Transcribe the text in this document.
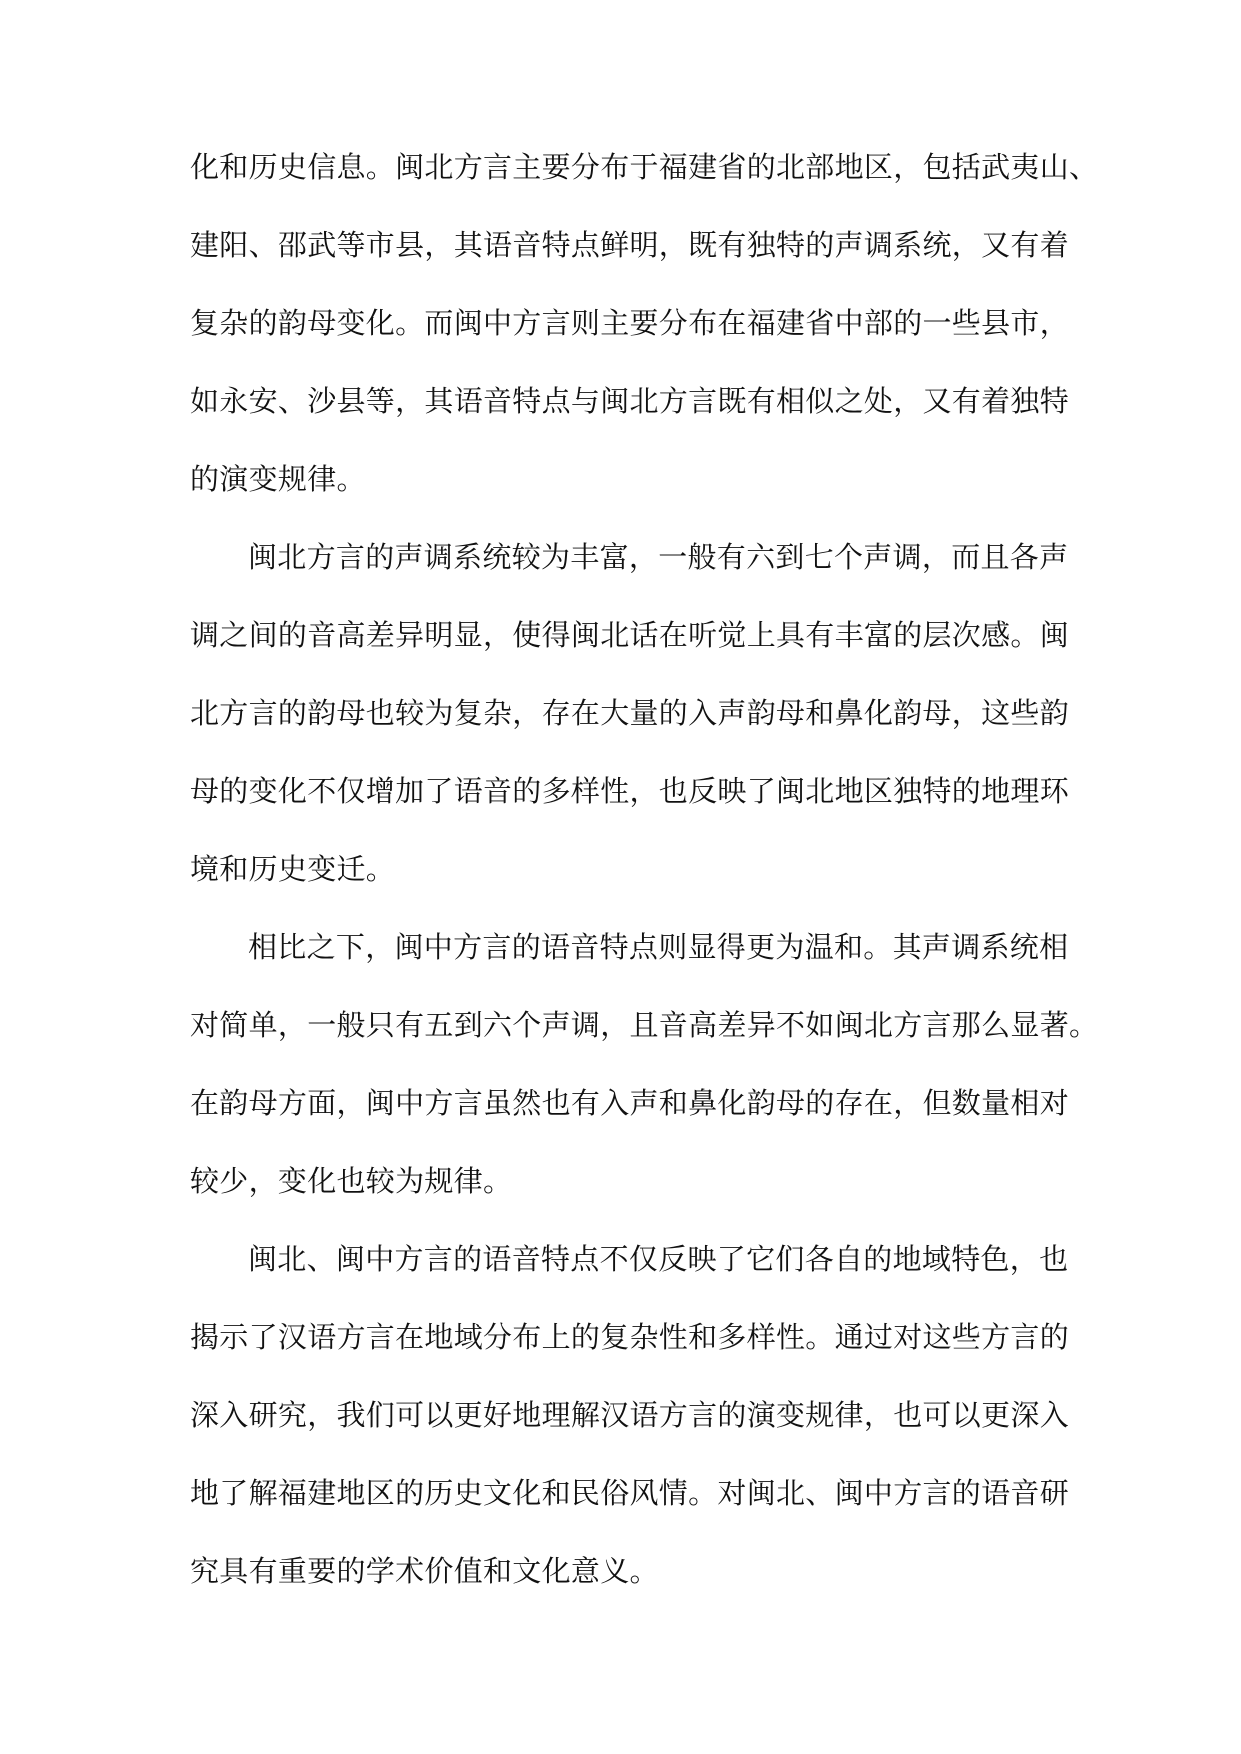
化和历史信息。闽北方言主要分布于福建省的北部地区，包括武夷山、
建阳、邵武等市县，其语音特点鲜明，既有独特的声调系统，又有着
复杂的韵母变化。而闽中方言则主要分布在福建省中部的一些县市，
如永安、沙县等，其语音特点与闽北方言既有相似之处，又有着独特
的演变规律。
闽北方言的声调系统较为丰富，一般有六到七个声调，而且各声
调之间的音高差异明显，使得闽北话在听觉上具有丰富的层次感。闽
北方言的韵母也较为复杂，存在大量的入声韵母和鼻化韵母，这些韵
母的变化不仅增加了语音的多样性，也反映了闽北地区独特的地理环
境和历史变迁。
相比之下，闽中方言的语音特点则显得更为温和。其声调系统相
对简单，一般只有五到六个声调，且音高差异不如闽北方言那么显著。
在韵母方面，闽中方言虽然也有入声和鼻化韵母的存在，但数量相对
较少，变化也较为规律。
闽北、闽中方言的语音特点不仅反映了它们各自的地域特色，也
揭示了汉语方言在地域分布上的复杂性和多样性。通过对这些方言的
深入研究，我们可以更好地理解汉语方言的演变规律，也可以更深入
地了解福建地区的历史文化和民俗风情。对闽北、闽中方言的语音研
究具有重要的学术价值和文化意义。
